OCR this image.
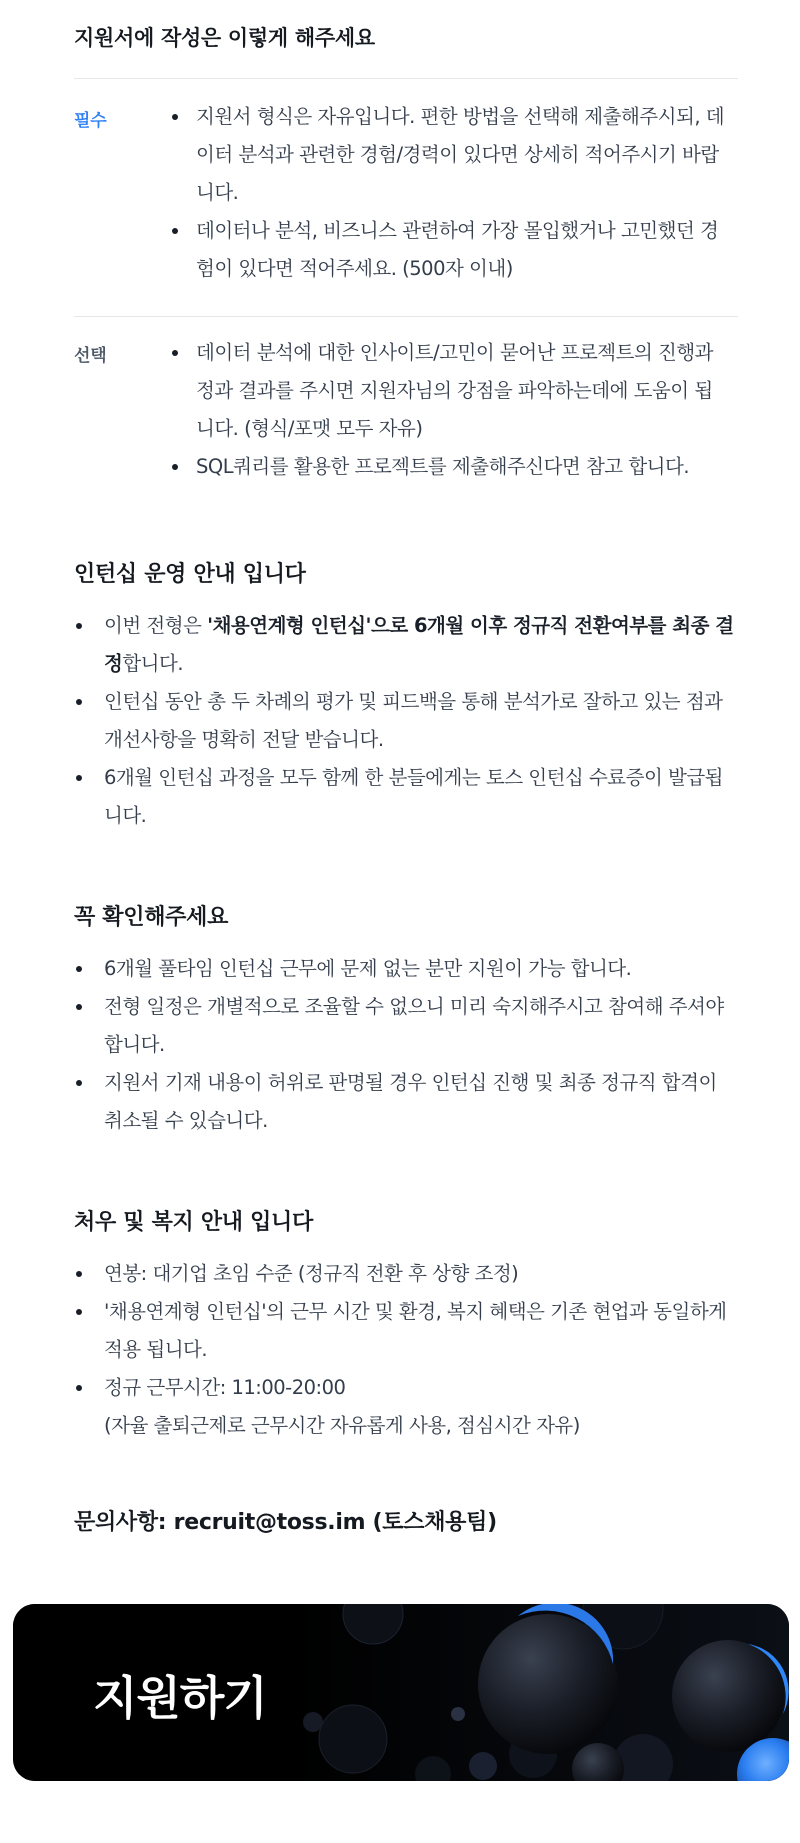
지원서에 작성은 이렇게 해주세요
필수	지원서 형식은 자유입니다. 편한 방법을 선택해 제출해주시되, 데이터 분석과 관련한 경험/경력이 있다면 상세히 적어주시기 바랍니다.
데이터나 분석, 비즈니스 관련하여 가장 몰입했거나 고민했던 경험이 있다면 적어주세요. (500자 이내)
선택	데이터 분석에 대한 인사이트/고민이 묻어난 프로젝트의 진행과정과 결과를 주시면 지원자님의 강점을 파악하는데에 도움이 됩니다. (형식/포맷 모두 자유)
SQL쿼리를 활용한 프로젝트를 제출해주신다면 참고 합니다.
인턴십 운영 안내 입니다
이번 전형은 '채용연계형 인턴십'으로 6개월 이후 정규직 전환여부를 최종 결정합니다.
인턴십 동안 총 두 차례의 평가 및 피드백을 통해 분석가로 잘하고 있는 점과 개선사항을 명확히 전달 받습니다.
6개월 인턴십 과정을 모두 함께 한 분들에게는 토스 인턴십 수료증이 발급됩니다.
꼭 확인해주세요
6개월 풀타임 인턴십 근무에 문제 없는 분만 지원이 가능 합니다.
전형 일정은 개별적으로 조율할 수 없으니 미리 숙지해주시고 참여해 주셔야 합니다.
지원서 기재 내용이 허위로 판명될 경우 인턴십 진행 및 최종 정규직 합격이 취소될 수 있습니다.
처우 및 복지 안내 입니다
연봉: 대기업 초임 수준 (정규직 전환 후 상향 조정)
'채용연계형 인턴십'의 근무 시간 및 환경, 복지 혜택은 기존 현업과 동일하게 적용 됩니다.
정규 근무시간: 11:00-20:00
(자율 출퇴근제로 근무시간 자유롭게 사용, 점심시간 자유)
문의사항: recruit@toss.im (토스채용팀)
지원하기
